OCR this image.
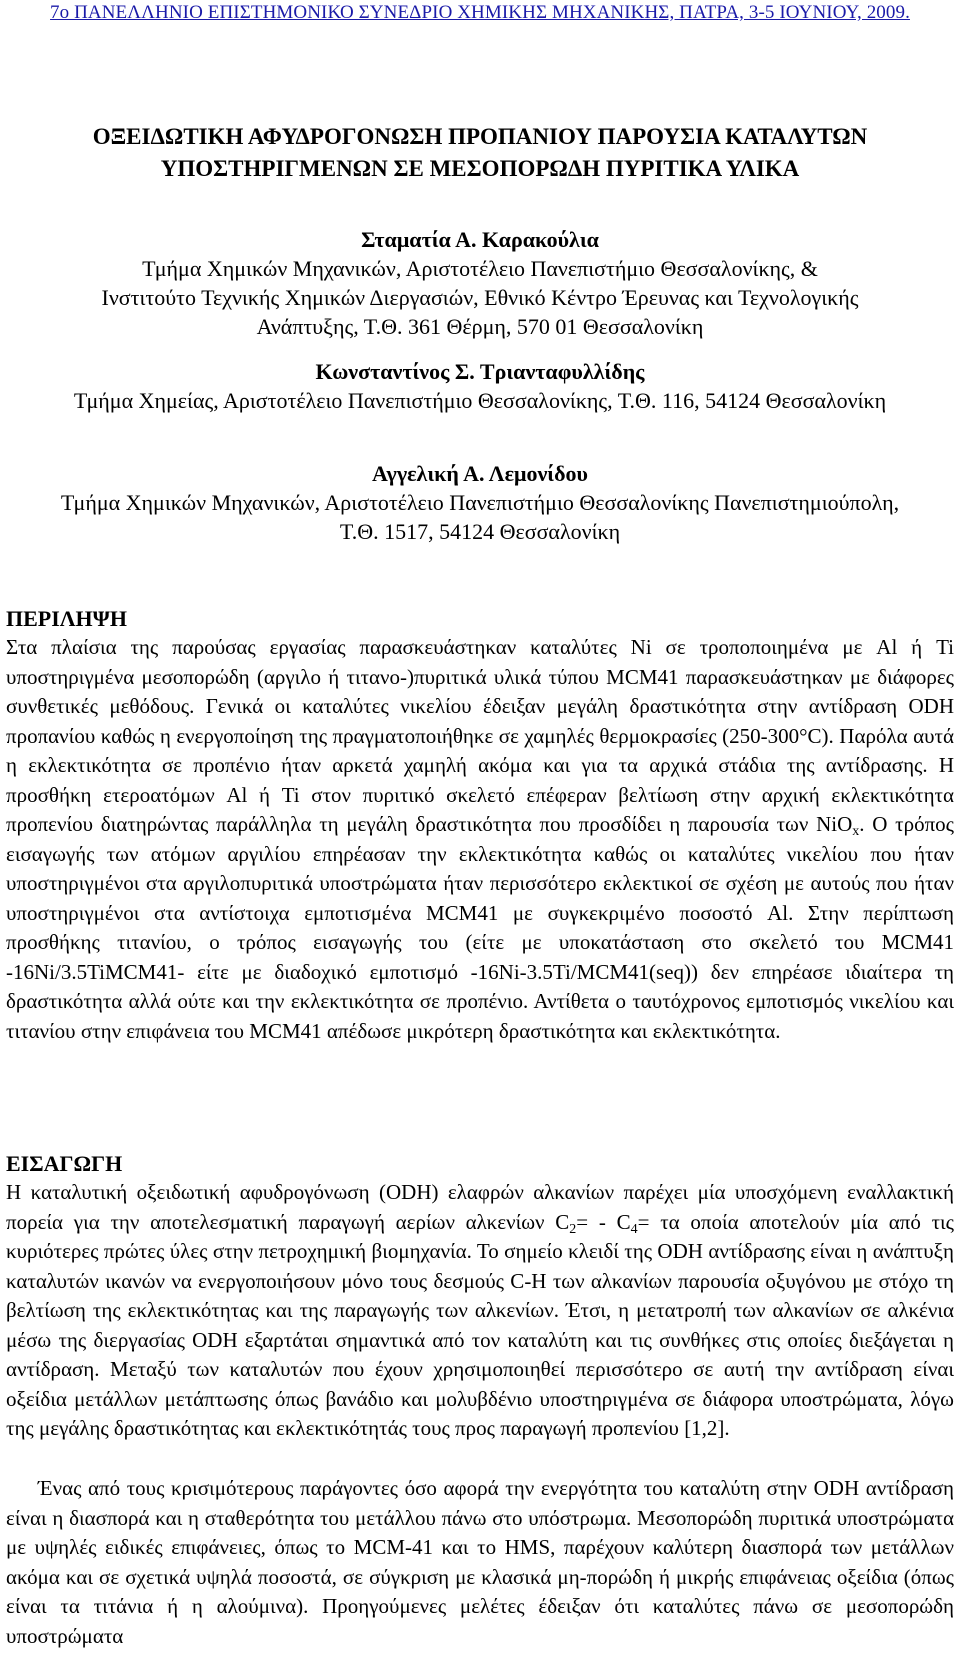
7ο ΠΑΝΕΛΛΗΝΙΟ ΕΠΙΣΤΗΜΟΝΙΚΟ ΣΥΝΕΔΡΙΟ ΧΗΜΙΚΗΣ ΜΗΧΑΝΙΚΗΣ, ΠΑΤΡΑ, 3-5 ΙΟΥΝΙΟΥ, 2009.
ΟΞΕΙΔΩΤΙΚΗ ΑΦΥΔΡΟΓΟΝΩΣΗ ΠΡΟΠΑΝΙΟΥ ΠΑΡΟΥΣΙΑ ΚΑΤΑΛΥΤΩΝ
ΥΠΟΣΤΗΡΙΓΜΕΝΩΝ ΣΕ ΜΕΣΟΠΟΡΩΔΗ ΠΥΡΙΤΙΚΑ ΥΛΙΚΑ
Σταματία Α. Καρακούλια
Τμήμα Χημικών Μηχανικών, Αριστοτέλειο Πανεπιστήμιο Θεσσαλονίκης, &
Ινστιτούτο Τεχνικής Χημικών Διεργασιών, Εθνικό Κέντρο Έρευνας και Τεχνολογικής
Ανάπτυξης, Τ.Θ. 361 Θέρμη, 570 01 Θεσσαλονίκη
Κωνσταντίνος Σ. Τριανταφυλλίδης
Τμήμα Χημείας, Αριστοτέλειο Πανεπιστήμιο Θεσσαλονίκης, Τ.Θ. 116, 54124 Θεσσαλονίκη
Αγγελική Α. Λεμονίδου
Τμήμα Χημικών Μηχανικών, Αριστοτέλειο Πανεπιστήμιο Θεσσαλονίκης Πανεπιστημιούπολη,
Τ.Θ. 1517, 54124 Θεσσαλονίκη
ΠΕΡΙΛΗΨΗ
Στα πλαίσια της παρούσας εργασίας παρασκευάστηκαν καταλύτες Ni σε τροποποιημένα με Al ή Ti υποστηριγμένα μεσοπορώδη (αργιλο ή τιτανο-)πυριτικά υλικά τύπου MCM41 παρασκευάστηκαν με διάφορες συνθετικές μεθόδους. Γενικά οι καταλύτες νικελίου έδειξαν μεγάλη δραστικότητα στην αντίδραση ODH προπανίου καθώς η ενεργοποίηση της πραγματοποιήθηκε σε χαμηλές θερμοκρασίες (250-300°C). Παρόλα αυτά η εκλεκτικότητα σε προπένιο ήταν αρκετά χαμηλή ακόμα και για τα αρχικά στάδια της αντίδρασης. Η προσθήκη ετεροατόμων Al ή Ti στον πυριτικό σκελετό επέφεραν βελτίωση στην αρχική εκλεκτικότητα προπενίου διατηρώντας παράλληλα τη μεγάλη δραστικότητα που προσδίδει η παρουσία των NiO$_x$. Ο τρόπος εισαγωγής των ατόμων αργιλίου επηρέασαν την εκλεκτικότητα καθώς οι καταλύτες νικελίου που ήταν υποστηριγμένοι στα αργιλοπυριτικά υποστρώματα ήταν περισσότερο εκλεκτικοί σε σχέση με αυτούς που ήταν υποστηριγμένοι στα αντίστοιχα εμποτισμένα MCM41 με συγκεκριμένο ποσοστό Al. Στην περίπτωση προσθήκης τιτανίου, ο τρόπος εισαγωγής του (είτε με υποκατάσταση στο σκελετό του MCM41 -16Ni/3.5TiMCM41- είτε με διαδοχικό εμποτισμό -16Ni-3.5Ti/MCM41(seq)) δεν επηρέασε ιδιαίτερα τη δραστικότητα αλλά ούτε και την εκλεκτικότητα σε προπένιο. Αντίθετα ο ταυτόχρονος εμποτισμός νικελίου και τιτανίου στην επιφάνεια του MCM41 απέδωσε μικρότερη δραστικότητα και εκλεκτικότητα.
ΕΙΣΑΓΩΓΗ
Η καταλυτική οξειδωτική αφυδρογόνωση (ODH) ελαφρών αλκανίων παρέχει μία υποσχόμενη εναλλακτική πορεία για την αποτελεσματική παραγωγή αερίων αλκενίων $C_2= - C_4= \tau\alpha$ οποία αποτελούν μία από τις κυριότερες πρώτες ύλες στην πετροχημική βιομηχανία. Το σημείο κλειδί της ODH αντίδρασης είναι η ανάπτυξη καταλυτών ικανών να ενεργοποιήσουν μόνο τους δεσμούς C-H των αλκανίων παρουσία οξυγόνου με στόχο τη βελτίωση της εκλεκτικότητας και της παραγωγής των αλκενίων. Έτσι, η μετατροπή των αλκανίων σε αλκένια μέσω της διεργασίας ODH εξαρτάται σημαντικά από τον καταλύτη και τις συνθήκες στις οποίες διεξάγεται η αντίδραση. Μεταξύ των καταλυτών που έχουν χρησιμοποιηθεί περισσότερο σε αυτή την αντίδραση είναι οξείδια μετάλλων μετάπτωσης όπως βανάδιο και μολυβδένιο υποστηριγμένα σε διάφορα υποστρώματα, λόγω της μεγάλης δραστικότητας και εκλεκτικότητάς τους προς παραγωγή προπενίου [1,2].
Ένας από τους κρισιμότερους παράγοντες όσο αφορά την ενεργότητα του καταλύτη στην ODH αντίδραση είναι η διασπορά και η σταθερότητα του μετάλλου πάνω στο υπόστρωμα. Μεσοπορώδη πυριτικά υποστρώματα με υψηλές ειδικές επιφάνειες, όπως το MCM-41 και το HMS, παρέχουν καλύτερη διασπορά των μετάλλων ακόμα και σε σχετικά υψηλά ποσοστά, σε σύγκριση με κλασικά μη-πορώδη ή μικρής επιφάνειας οξείδια (όπως είναι τα τιτάνια ή η αλούμινα). Προηγούμενες μελέτες έδειξαν ότι καταλύτες πάνω σε μεσοπορώδη υποστρώματα
